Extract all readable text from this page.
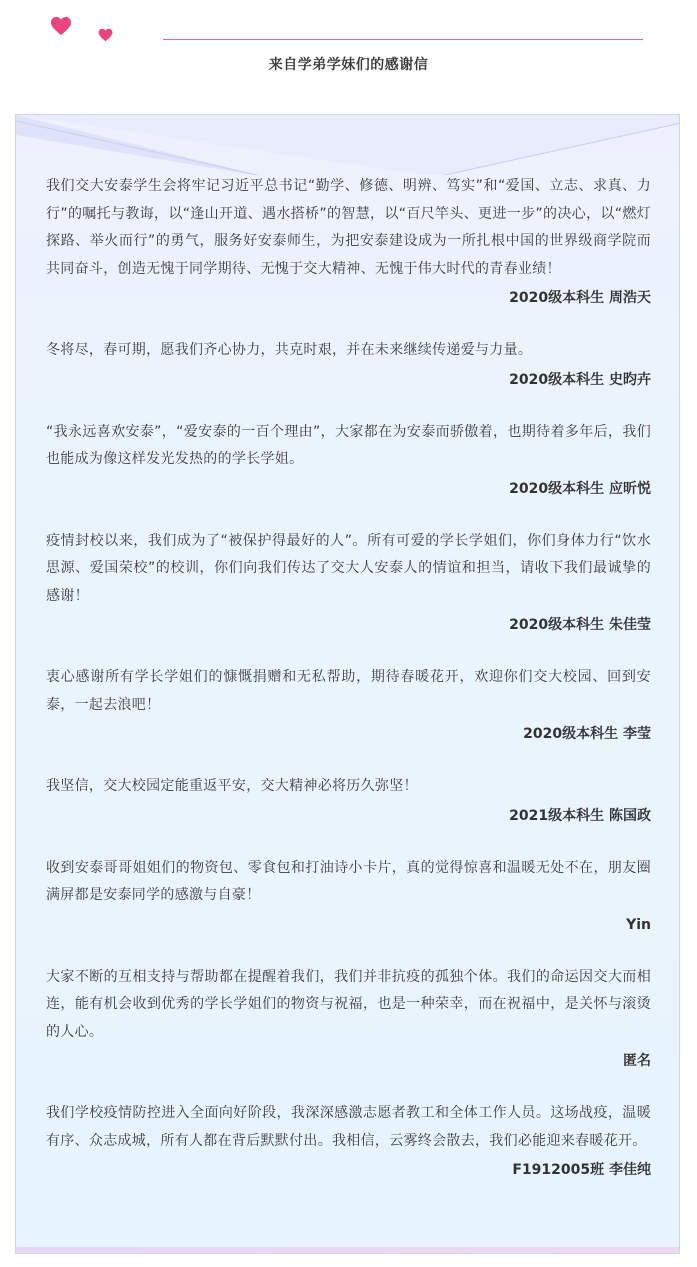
来自学弟学妹们的感谢信

我们交大安泰学生会将牢记习近平总书记“勤学、修德、明辨、笃实”和“爱国、立志、求真、力行”的嘱托与教诲，以“逢山开道、遇水搭桥”的智慧，以“百尺竿头、更进一步”的决心，以“燃灯探路、举火而行”的勇气，服务好安泰师生，为把安泰建设成为一所扎根中国的世界级商学院而共同奋斗，创造无愧于同学期待、无愧于交大精神、无愧于伟大时代的青春业绩！

2020级本科生 周浩天

冬将尽，春可期，愿我们齐心协力，共克时艰，并在未来继续传递爱与力量。

2020级本科生 史昀卉

“我永远喜欢安泰”，“爱安泰的一百个理由”，大家都在为安泰而骄傲着，也期待着多年后，我们也能成为像这样发光发热的的学长学姐。

2020级本科生 应昕悦

疫情封校以来，我们成为了“被保护得最好的人”。所有可爱的学长学姐们，你们身体力行“饮水思源、爱国荣校”的校训，你们向我们传达了交大人安泰人的情谊和担当，请收下我们最诚挚的感谢！

2020级本科生 朱佳莹

衷心感谢所有学长学姐们的慷慨捐赠和无私帮助，期待春暖花开，欢迎你们交大校园、回到安泰，一起去浪吧！

2020级本科生 李莹

我坚信，交大校园定能重返平安，交大精神必将历久弥坚！

2021级本科生 陈国政

收到安泰哥哥姐姐们的物资包、零食包和打油诗小卡片，真的觉得惊喜和温暖无处不在，朋友圈满屏都是安泰同学的感激与自豪！

Yin

大家不断的互相支持与帮助都在提醒着我们，我们并非抗疫的孤独个体。我们的命运因交大而相连，能有机会收到优秀的学长学姐们的物资与祝福，也是一种荣幸，而在祝福中，是关怀与滚烫的人心。

匿名

我们学校疫情防控进入全面向好阶段，我深深感激志愿者教工和全体工作人员。这场战疫，温暖有序、众志成城，所有人都在背后默默付出。我相信，云雾终会散去，我们必能迎来春暖花开。

F1912005班 李佳纯
